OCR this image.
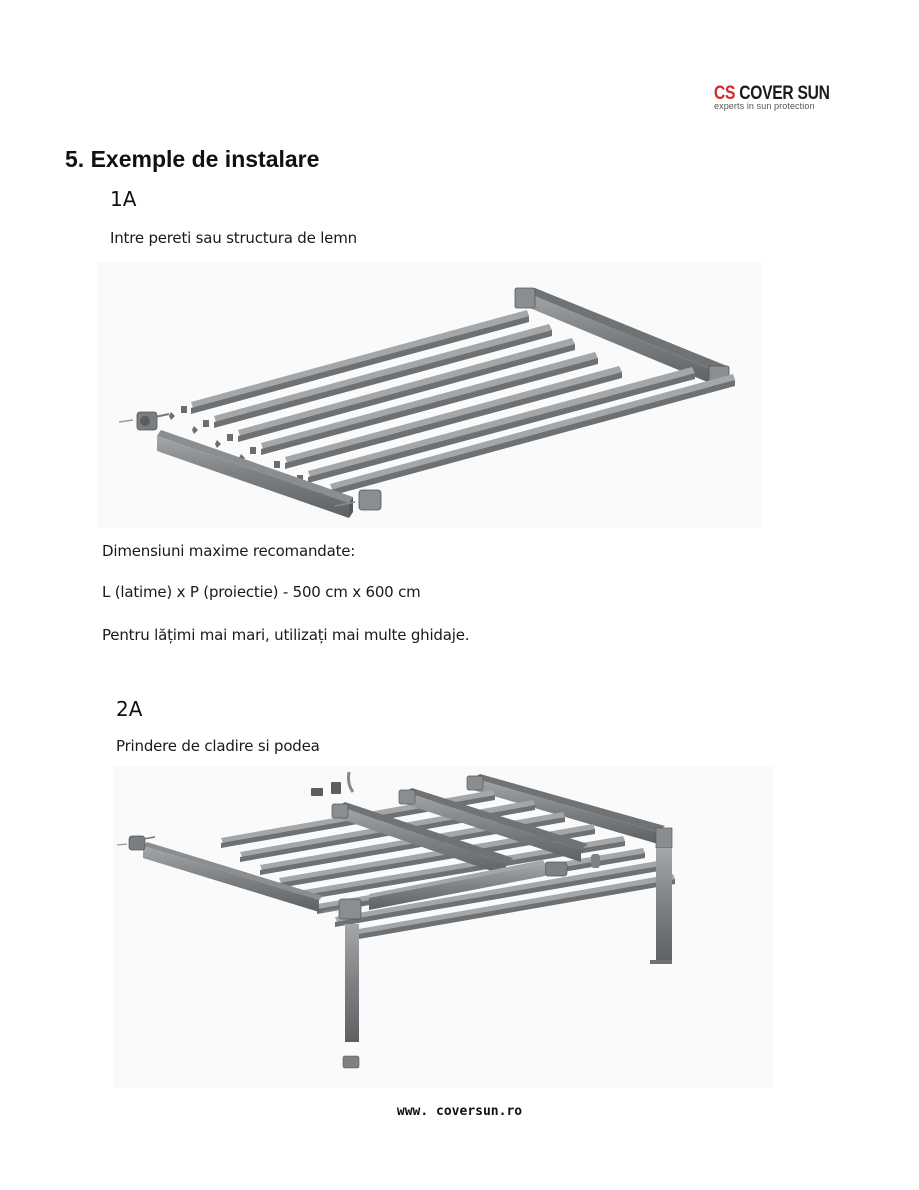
CS COVER SUN
experts in sun protection
5. Exemple de instalare
1A

Intre pereti sau structura de lemn

Dimensiuni maxime recomandate:

L (latime) x P (proiectie) - 500 cm x 600 cm

Pentru lățimi mai mari, utilizați mai multe ghidaje.

2A

Prindere de cladire si podea

www. coversun.ro
